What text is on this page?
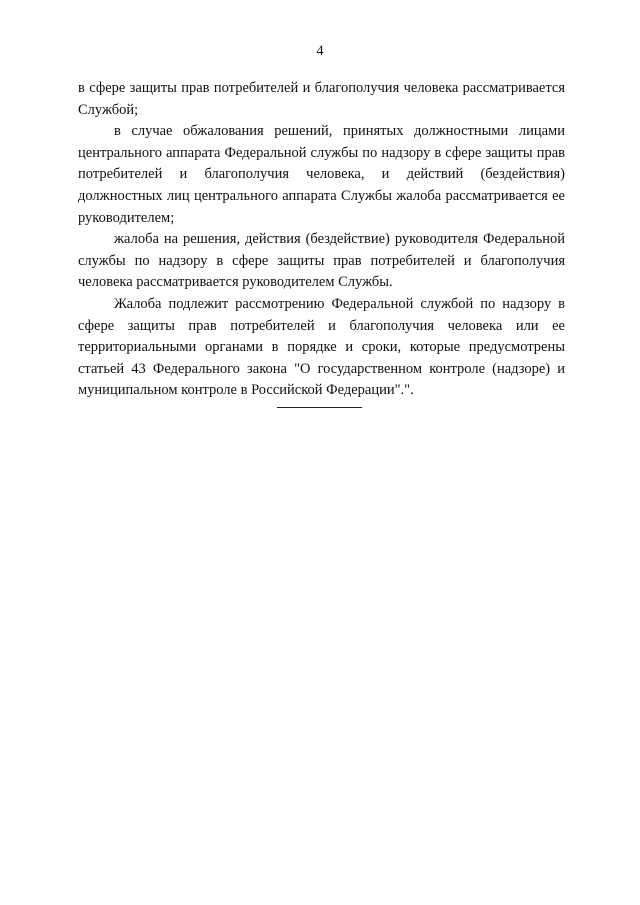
4

в сфере защиты прав потребителей и благополучия человека рассматривается Службой;

в случае обжалования решений, принятых должностными лицами центрального аппарата Федеральной службы по надзору в сфере защиты прав потребителей и благополучия человека, и действий (бездействия) должностных лиц центрального аппарата Службы жалоба рассматривается ее руководителем;

жалоба на решения, действия (бездействие) руководителя Федеральной службы по надзору в сфере защиты прав потребителей и благополучия человека рассматривается руководителем Службы.

Жалоба подлежит рассмотрению Федеральной службой по надзору в сфере защиты прав потребителей и благополучия человека или ее территориальными органами в порядке и сроки, которые предусмотрены статьей 43 Федерального закона "О государственном контроле (надзоре) и муниципальном контроле в Российской Федерации".".
